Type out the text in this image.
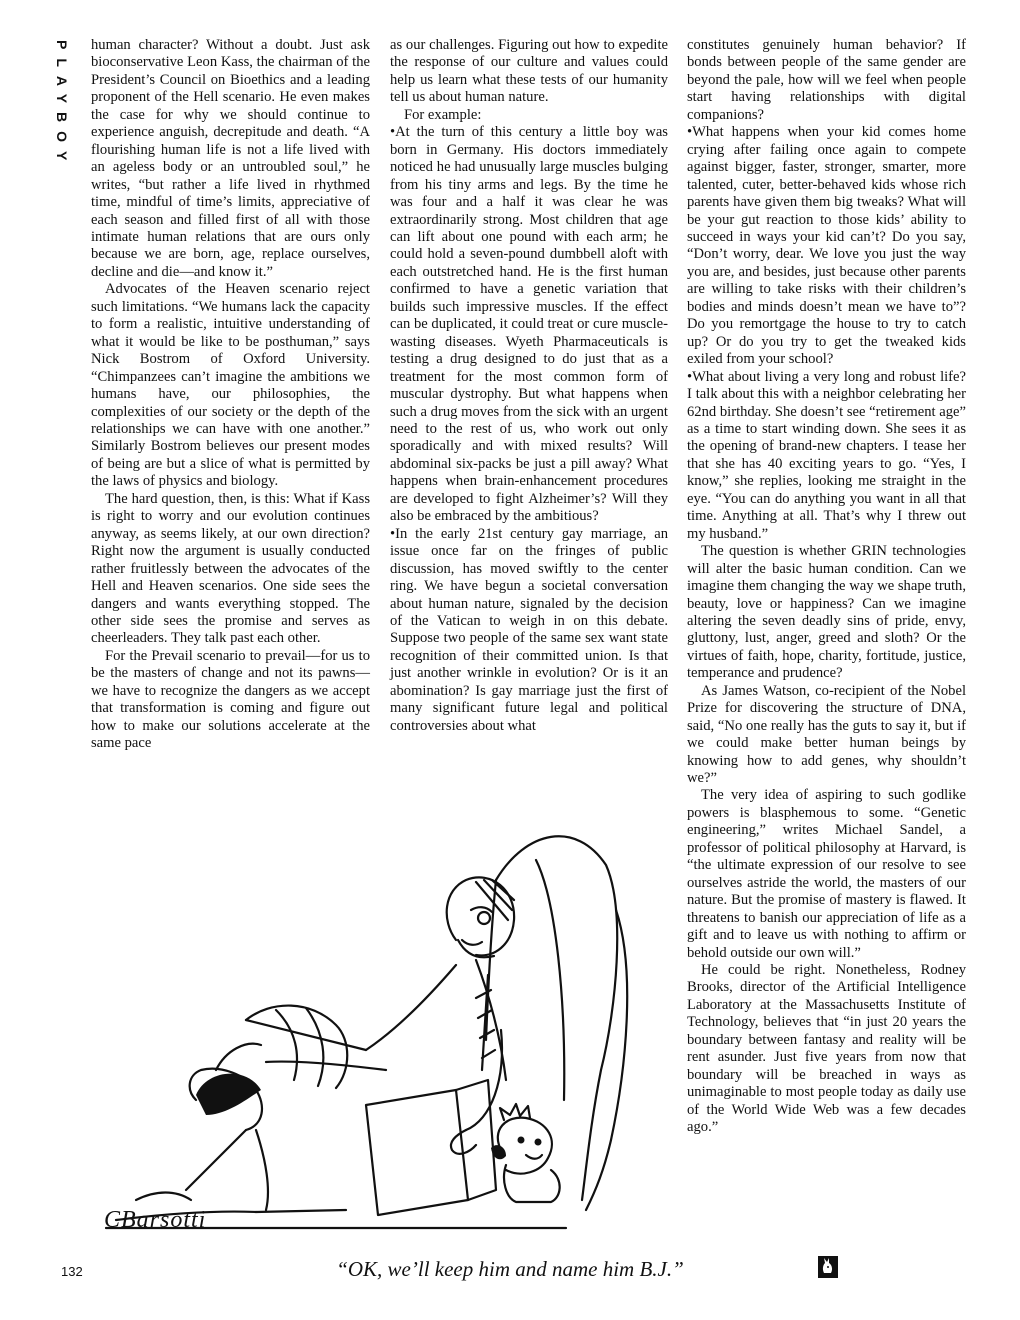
PLAYBOY human character? Without a doubt. Just ask bioconservative Leon Kass, the chairman of the President’s Council on Bioethics and a leading proponent of the Hell scenario. He even makes the case for why we should continue to experience anguish, decrepitude and death. “A flourishing human life is not a life lived with an ageless body or an untroubled soul,” he writes, “but rather a life lived in rhythmed time, mindful of time’s limits, appreciative of each season and filled first of all with those intimate human relations that are ours only because we are born, age, replace ourselves, decline and die—and know it.”

Advocates of the Heaven scenario reject such limitations. “We humans lack the capacity to form a realistic, intuitive understanding of what it would be like to be posthuman,” says Nick Bostrom of Oxford University. “Chimpanzees can’t imagine the ambitions we humans have, our philosophies, the complexities of our society or the depth of the relationships we can have with one another.” Similarly Bostrom believes our present modes of being are but a slice of what is permitted by the laws of physics and biology.

The hard question, then, is this: What if Kass is right to worry and our evolution continues anyway, as seems likely, at our own direction? Right now the argument is usually conducted rather fruitlessly between the advocates of the Hell and Heaven scenarios. One side sees the dangers and wants everything stopped. The other side sees the promise and serves as cheerleaders. They talk past each other.

For the Prevail scenario to prevail—for us to be the masters of change and not its pawns—we have to recognize the dangers as we accept that transformation is coming and figure out how to make our solutions accelerate at the same pace

as our challenges. Figuring out how to expedite the response of our culture and values could help us learn what these tests of our humanity tell us about human nature.

For example:

•At the turn of this century a little boy was born in Germany. His doctors immediately noticed he had unusually large muscles bulging from his tiny arms and legs. By the time he was four and a half it was clear he was extraordinarily strong. Most children that age can lift about one pound with each arm; he could hold a seven-pound dumbbell aloft with each outstretched hand. He is the first human confirmed to have a genetic variation that builds such impressive muscles. If the effect can be duplicated, it could treat or cure muscle-wasting diseases. Wyeth Pharmaceuticals is testing a drug designed to do just that as a treatment for the most common form of muscular dystrophy. But what happens when such a drug moves from the sick with an urgent need to the rest of us, who work out only sporadically and with mixed results? Will abdominal six-packs be just a pill away? What happens when brain-enhancement procedures are developed to fight Alzheimer’s? Will they also be embraced by the ambitious?

•In the early 21st century gay marriage, an issue once far on the fringes of public discussion, has moved swiftly to the center ring. We have begun a societal conversation about human nature, signaled by the decision of the Vatican to weigh in on this debate. Suppose two people of the same sex want state recognition of their committed union. Is that just another wrinkle in evolution? Or is it an abomination? Is gay marriage just the first of many significant future legal and political controversies about what

constitutes genuinely human behavior? If bonds between people of the same gender are beyond the pale, how will we feel when people start having relationships with digital companions?

•What happens when your kid comes home crying after failing once again to compete against bigger, faster, stronger, smarter, more talented, cuter, better-behaved kids whose rich parents have given them big tweaks? What will be your gut reaction to those kids’ ability to succeed in ways your kid can’t? Do you say, “Don’t worry, dear. We love you just the way you are, and besides, just because other parents are willing to take risks with their children’s bodies and minds doesn’t mean we have to”? Do you remortgage the house to try to catch up? Or do you try to get the tweaked kids exiled from your school?

•What about living a very long and robust life? I talk about this with a neighbor celebrating her 62nd birthday. She doesn’t see “retirement age” as a time to start winding down. She sees it as the opening of brand-new chapters. I tease her that she has 40 exciting years to go. “Yes, I know,” she replies, looking me straight in the eye. “You can do anything you want in all that time. Anything at all. That’s why I threw out my husband.”

The question is whether GRIN technologies will alter the basic human condition. Can we imagine them changing the way we shape truth, beauty, love or happiness? Can we imagine altering the seven deadly sins of pride, envy, gluttony, lust, anger, greed and sloth? Or the virtues of faith, hope, charity, fortitude, justice, temperance and prudence?

As James Watson, co-recipient of the Nobel Prize for discovering the structure of DNA, said, “No one really has the guts to say it, but if we could make better human beings by knowing how to add genes, why shouldn’t we?”

The very idea of aspiring to such godlike powers is blasphemous to some. “Genetic engineering,” writes Michael Sandel, a professor of political philosophy at Harvard, is “the ultimate expression of our resolve to see ourselves astride the world, the masters of our nature. But the promise of mastery is flawed. It threatens to banish our appreciation of life as a gift and to leave us with nothing to affirm or behold outside our own will.”

He could be right. Nonetheless, Rodney Brooks, director of the Artificial Intelligence Laboratory at the Massachusetts Institute of Technology, believes that “in just 20 years the boundary between fantasy and reality will be rent asunder. Just five years from now that boundary will be breached in ways as unimaginable to most people today as daily use of the World Wide Web was a few decades ago.”

CBarsotti
132	“OK, we’ll keep him and name him B.J.”
